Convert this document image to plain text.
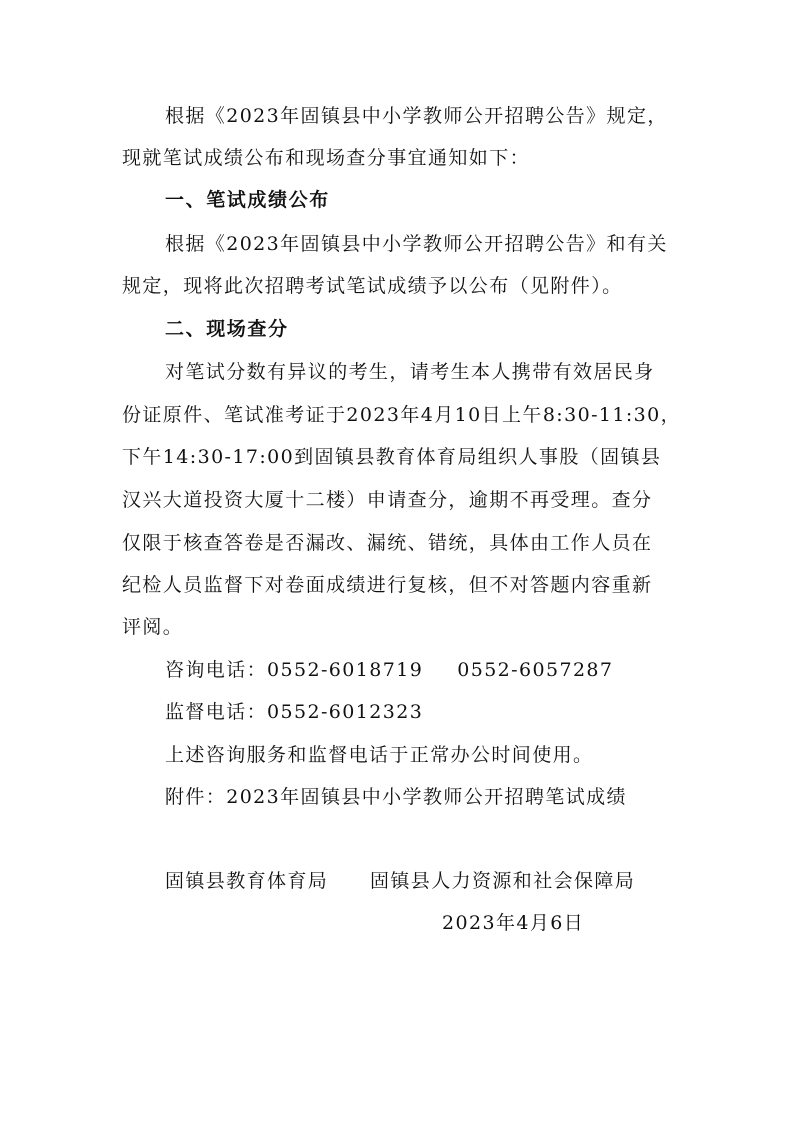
根据《2023年固镇县中小学教师公开招聘公告》规定，
现就笔试成绩公布和现场查分事宜通知如下：
一、笔试成绩公布
根据《2023年固镇县中小学教师公开招聘公告》和有关
规定，现将此次招聘考试笔试成绩予以公布（见附件）。
二、现场查分
对笔试分数有异议的考生，请考生本人携带有效居民身
份证原件、笔试准考证于2023年4月10日上午8:30-11:30，
下午14:30-17:00到固镇县教育体育局组织人事股（固镇县
汉兴大道投资大厦十二楼）申请查分，逾期不再受理。查分
仅限于核查答卷是否漏改、漏统、错统，具体由工作人员在
纪检人员监督下对卷面成绩进行复核，但不对答题内容重新
评阅。
咨询电话：0552-6018719 0552-6057287
监督电话：0552-6012323
上述咨询服务和监督电话于正常办公时间使用。
附件：2023年固镇县中小学教师公开招聘笔试成绩
固镇县教育体育局 固镇县人力资源和社会保障局
2023年4月6日
